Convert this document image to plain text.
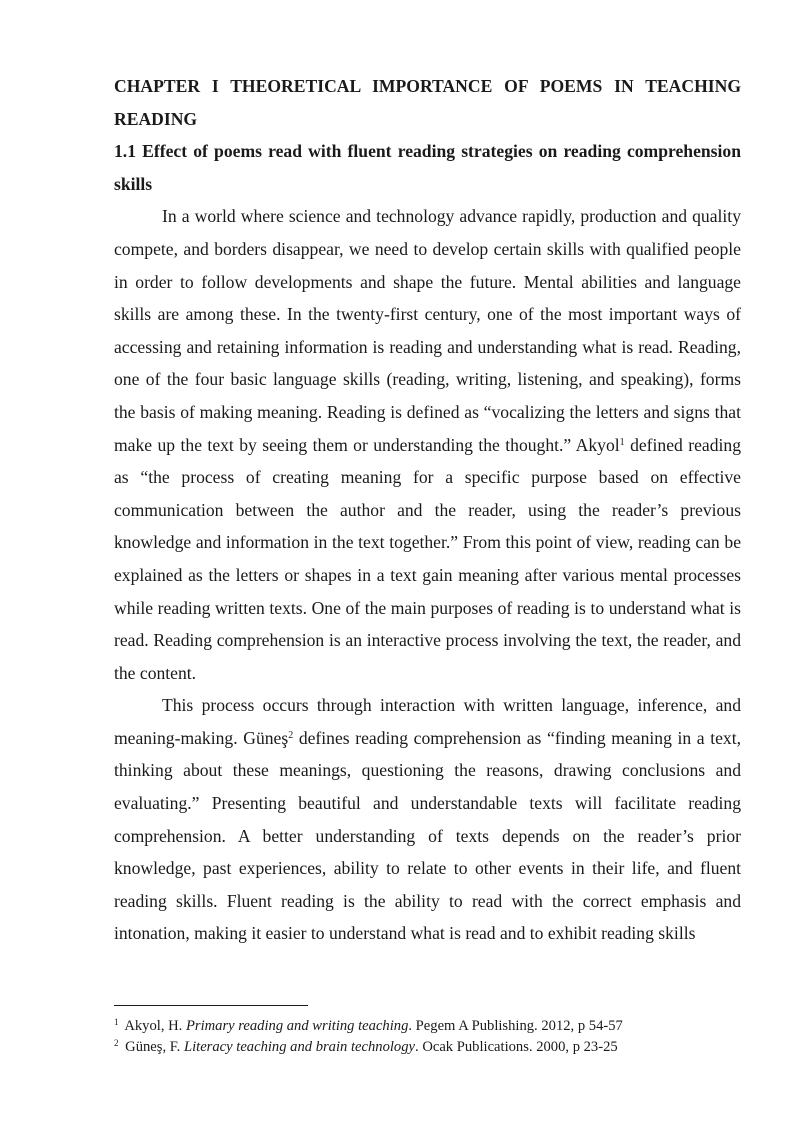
CHAPTER I THEORETICAL IMPORTANCE OF POEMS IN TEACHING READING

1.1 Effect of poems read with fluent reading strategies on reading comprehension skills

In a world where science and technology advance rapidly, production and quality compete, and borders disappear, we need to develop certain skills with qualified people in order to follow developments and shape the future. Mental abilities and language skills are among these. In the twenty-first century, one of the most important ways of accessing and retaining information is reading and understanding what is read. Reading, one of the four basic language skills (reading, writing, listening, and speaking), forms the basis of making meaning. Reading is defined as “vocalizing the letters and signs that make up the text by seeing them or understanding the thought.” Akyol$^1$ defined reading as “the process of creating meaning for a specific purpose based on effective communication between the author and the reader, using the reader’s previous knowledge and information in the text together.” From this point of view, reading can be explained as the letters or shapes in a text gain meaning after various mental processes while reading written texts. One of the main purposes of reading is to understand what is read. Reading comprehension is an interactive process involving the text, the reader, and the content.

This process occurs through interaction with written language, inference, and meaning-making. Güneş$^2$ defines reading comprehension as “finding meaning in a text, thinking about these meanings, questioning the reasons, drawing conclusions and evaluating.” Presenting beautiful and understandable texts will facilitate reading comprehension. A better understanding of texts depends on the reader’s prior knowledge, past experiences, ability to relate to other events in their life, and fluent reading skills. Fluent reading is the ability to read with the correct emphasis and intonation, making it easier to understand what is read and to exhibit reading skills

$^1$ Akyol, H. Primary reading and writing teaching. Pegem A Publishing. 2012, p 54-57

$^2$ Güneş, F. Literacy teaching and brain technology. Ocak Publications. 2000, p 23-25
